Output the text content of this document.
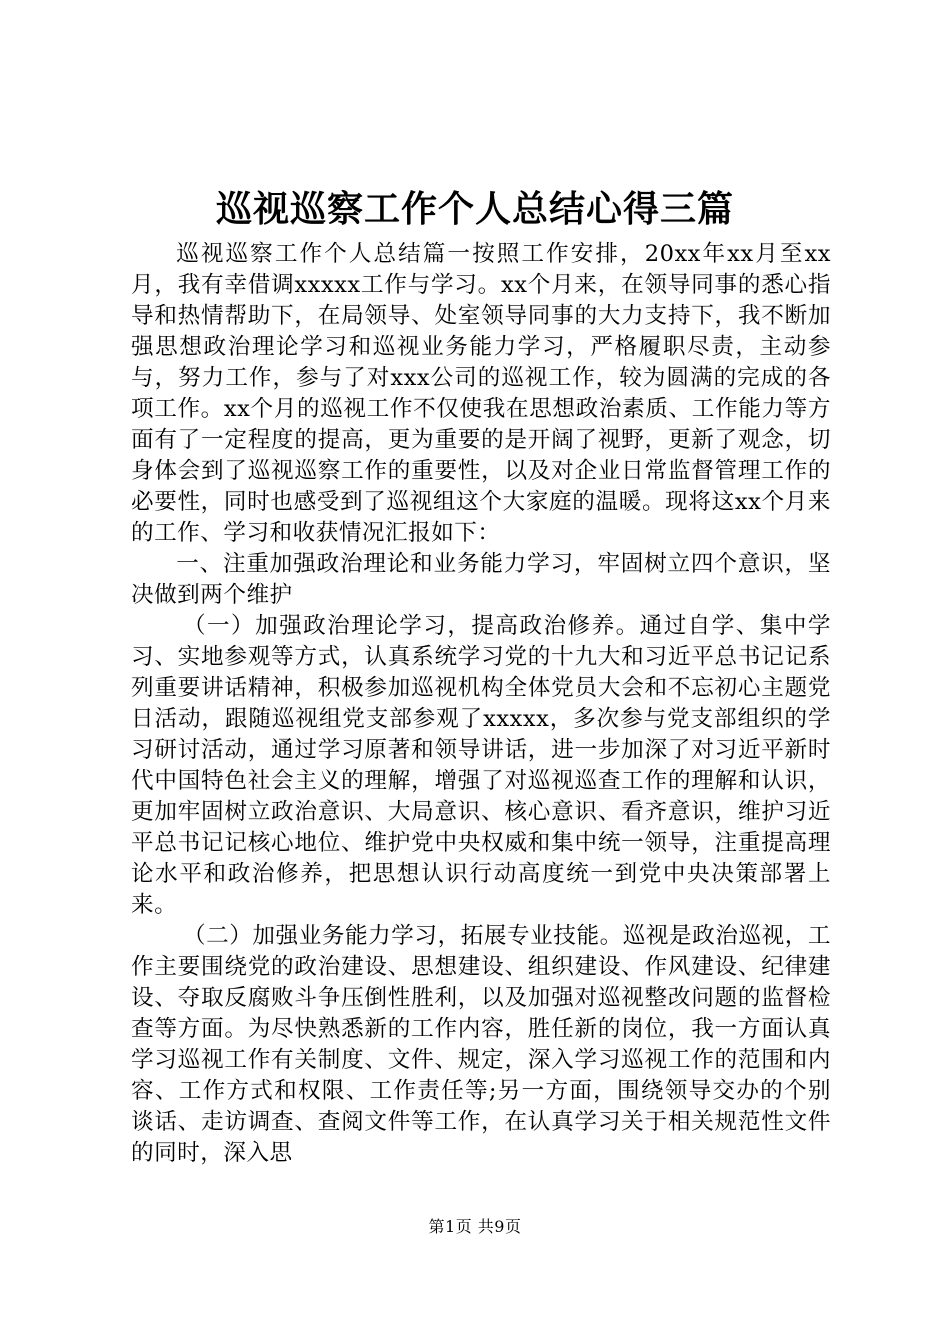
巡视巡察工作个人总结心得三篇

巡视巡察工作个人总结篇一按照工作安排，20xx年xx月至xx月，我有幸借调xxxxx工作与学习。xx个月来，在领导同事的悉心指导和热情帮助下，在局领导、处室领导同事的大力支持下，我不断加强思想政治理论学习和巡视业务能力学习，严格履职尽责，主动参与，努力工作，参与了对xxx公司的巡视工作，较为圆满的完成的各项工作。xx个月的巡视工作不仅使我在思想政治素质、工作能力等方面有了一定程度的提高，更为重要的是开阔了视野，更新了观念，切身体会到了巡视巡察工作的重要性，以及对企业日常监督管理工作的必要性，同时也感受到了巡视组这个大家庭的温暖。现将这xx个月来的工作、学习和收获情况汇报如下：

一、注重加强政治理论和业务能力学习，牢固树立四个意识，坚决做到两个维护

（一）加强政治理论学习，提高政治修养。通过自学、集中学习、实地参观等方式，认真系统学习党的十九大和习近平总书记记系列重要讲话精神，积极参加巡视机构全体党员大会和不忘初心主题党日活动，跟随巡视组党支部参观了xxxxx，多次参与党支部组织的学习研讨活动，通过学习原著和领导讲话，进一步加深了对习近平新时代中国特色社会主义的理解，增强了对巡视巡查工作的理解和认识，更加牢固树立政治意识、大局意识、核心意识、看齐意识，维护习近平总书记记核心地位、维护党中央权威和集中统一领导，注重提高理论水平和政治修养，把思想认识行动高度统一到党中央决策部署上来。

（二）加强业务能力学习，拓展专业技能。巡视是政治巡视，工作主要围绕党的政治建设、思想建设、组织建设、作风建设、纪律建设、夺取反腐败斗争压倒性胜利，以及加强对巡视整改问题的监督检查等方面。为尽快熟悉新的工作内容，胜任新的岗位，我一方面认真学习巡视工作有关制度、文件、规定，深入学习巡视工作的范围和内容、工作方式和权限、工作责任等;另一方面，围绕领导交办的个别谈话、走访调查、查阅文件等工作，在认真学习关于相关规范性文件的同时，深入思

第1页 共9页
